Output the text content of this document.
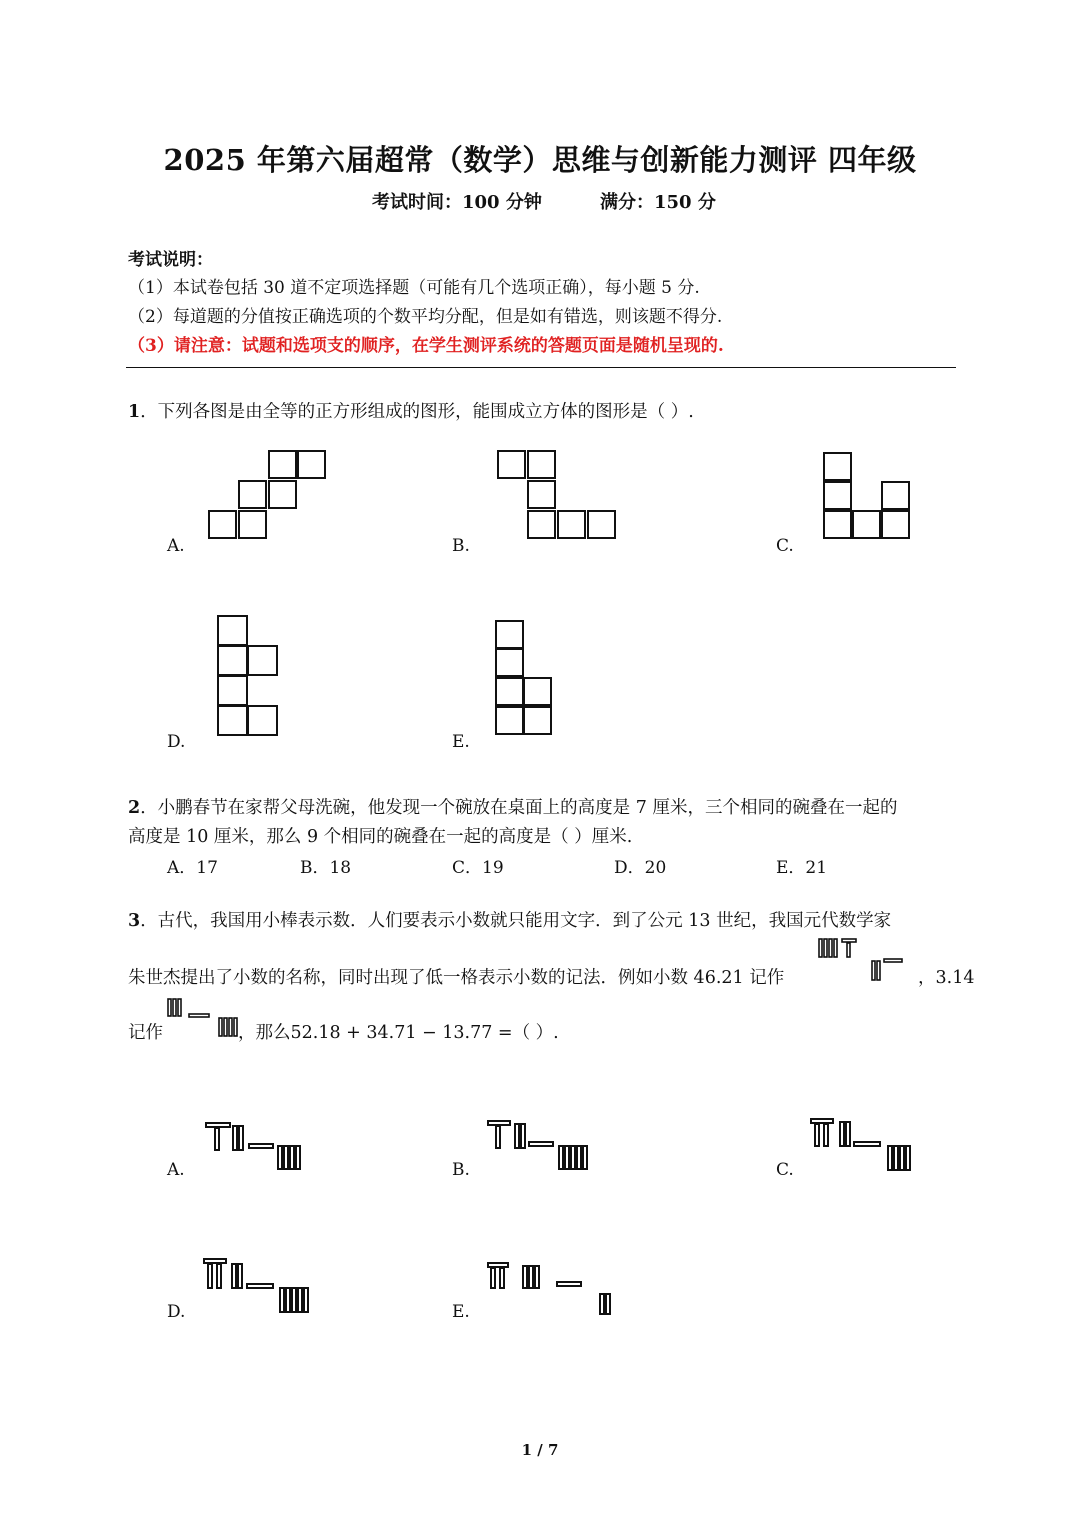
2025 年第六届超常（数学）思维与创新能力测评 四年级
考试时间：100 分钟	满分：150 分
考试说明：
（1）本试卷包括 30 道不定项选择题（可能有几个选项正确），每小题 5 分.
（2）每道题的分值按正确选项的个数平均分配，但是如有错选，则该题不得分.
（3）请注意：试题和选项支的顺序，在学生测评系统的答题页面是随机呈现的.
1．下列各图是由全等的正方形组成的图形，能围成立方体的图形是（ ）.
A.	B.	C.
D.	E.
2．小鹏春节在家帮父母洗碗，他发现一个碗放在桌面上的高度是 7 厘米，三个相同的碗叠在一起的
高度是 10 厘米，那么 9 个相同的碗叠在一起的高度是（ ）厘米.
A．17	B．18	C．19	D．20	E．21
3．古代，我国用小棒表示数．人们要表示小数就只能用文字．到了公元 13 世纪，我国元代数学家
朱世杰提出了小数的名称，同时出现了低一格表示小数的记法．例如小数 46.21 记作	，3.14
记作	，那么52.18 + 34.71 − 13.77 =（ ）.
A.	B.	C.
D.	E.
1 / 7
